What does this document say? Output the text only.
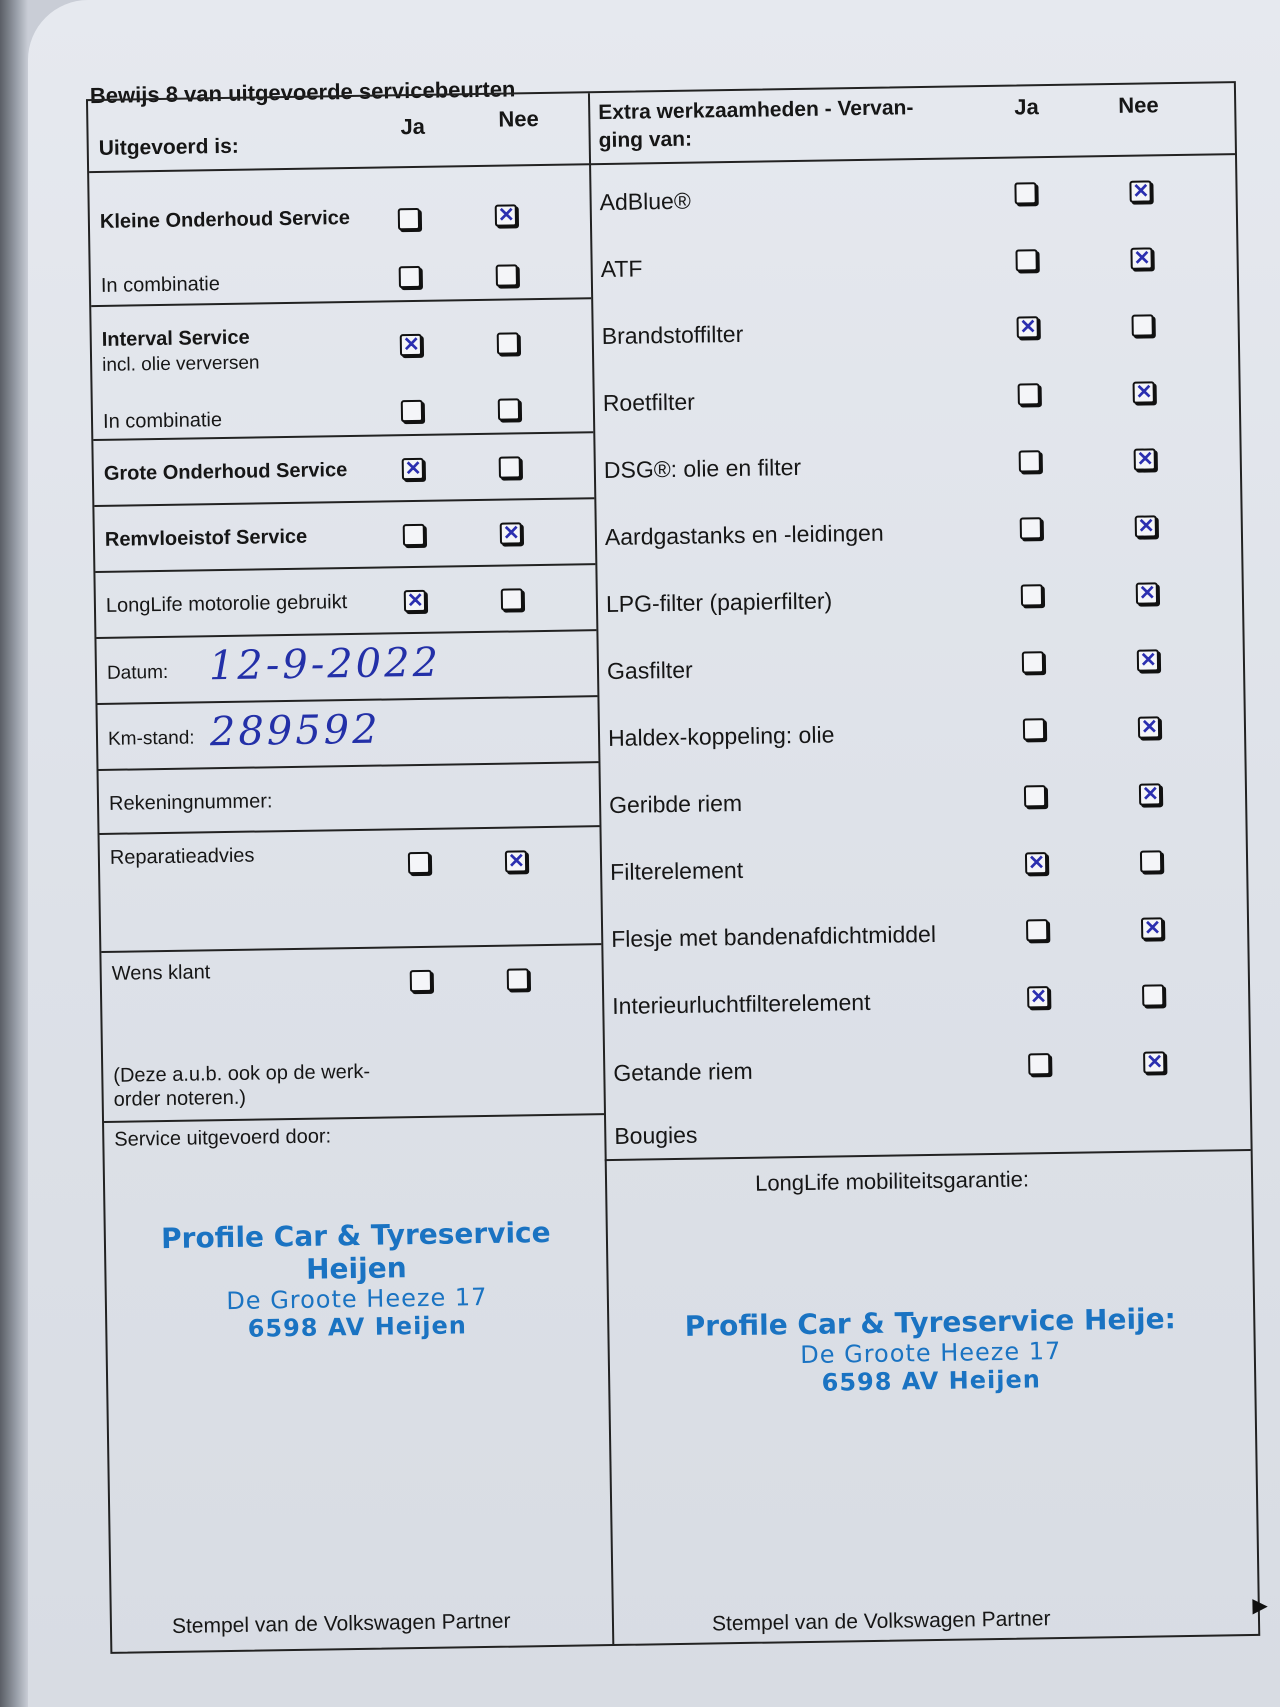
Bewijs 8 van uitgevoerde servicebeurten
Uitgevoerd is:
Ja	Nee
Kleine Onderhoud Service
✕
In combinatie
Interval Service
incl. olie verversen
✕
In combinatie
Grote Onderhoud Service
✕
Remvloeistof Service
✕
LongLife motorolie gebruikt
✕
Datum: 12-9-2022
Km-stand: 289592
Rekeningnummer:
Reparatieadvies
✕
Wens klant
(Deze a.u.b. ook op de werk-
order noteren.)
Service uitgevoerd door:
Profile Car & Tyreservice Heijen
De Groote Heeze 17
6598 AV Heijen
Stempel van de Volkswagen Partner
Extra werkzaamheden - Vervan-
ging van:
Ja	Nee
AdBlue®
✕
ATF
✕
Brandstoffilter
✕
Roetfilter
✕
DSG®: olie en filter
✕
Aardgastanks en -leidingen
✕
LPG-filter (papierfilter)
✕
Gasfilter
✕
Haldex-koppeling: olie
✕
Geribde riem
✕
Filterelement
✕
Flesje met bandenafdichtmiddel
✕
Interieurluchtfilterelement
✕
Getande riem
✕
Bougies
LongLife mobiliteitsgarantie:
Profile Car & Tyreservice Heije:
De Groote Heeze 17
6598 AV Heijen
Stempel van de Volkswagen Partner
▶
